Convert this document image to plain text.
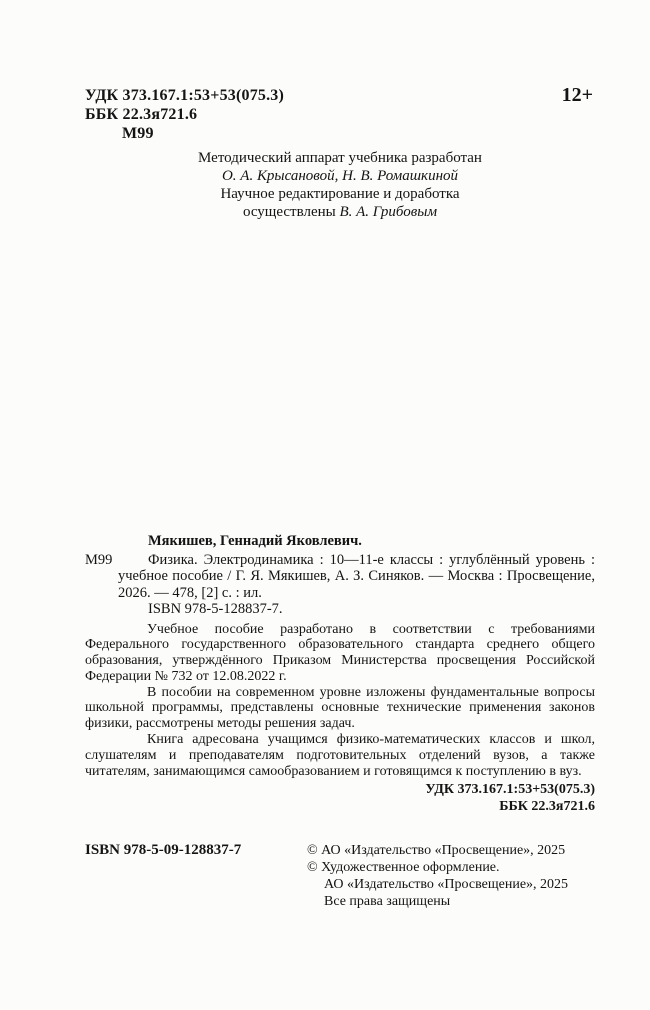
УДК 373.167.1:53+53(075.3)
ББК 22.3я721.6
М99
12+
Методический аппарат учебника разработан
О. А. Крысановой, Н. В. Ромашкиной
Научное редактирование и доработка
осуществлены В. А. Грибовым
Мякишев, Геннадий Яковлевич.
М99	Физика. Электродинамика : 10—11-е классы : углублённый уровень : учебное пособие / Г. Я. Мякишев, А. З. Синяков. — Москва : Просвещение, 2026. — 478, [2] с. : ил.

ISBN 978-5-128837-7.

Учебное пособие разработано в соответствии с требованиями Федерального государственного образовательного стандарта среднего общего образования, утверждённого Приказом Министерства просвещения Российской Федерации № 732 от 12.08.2022 г.

В пособии на современном уровне изложены фундаментальные вопросы школьной программы, представлены основные технические применения законов физики, рассмотрены методы решения задач.

Книга адресована учащимся физико-математических классов и школ, слушателям и преподавателям подготовительных отделений вузов, а также читателям, занимающимся самообразованием и готовящимся к поступлению в вуз.

УДК 373.167.1:53+53(075.3)
ББК 22.3я721.6
ISBN 978-5-09-128837-7	© АО «Издательство «Просвещение», 2025
© Художественное оформление.
АО «Издательство «Просвещение», 2025
Все права защищены
